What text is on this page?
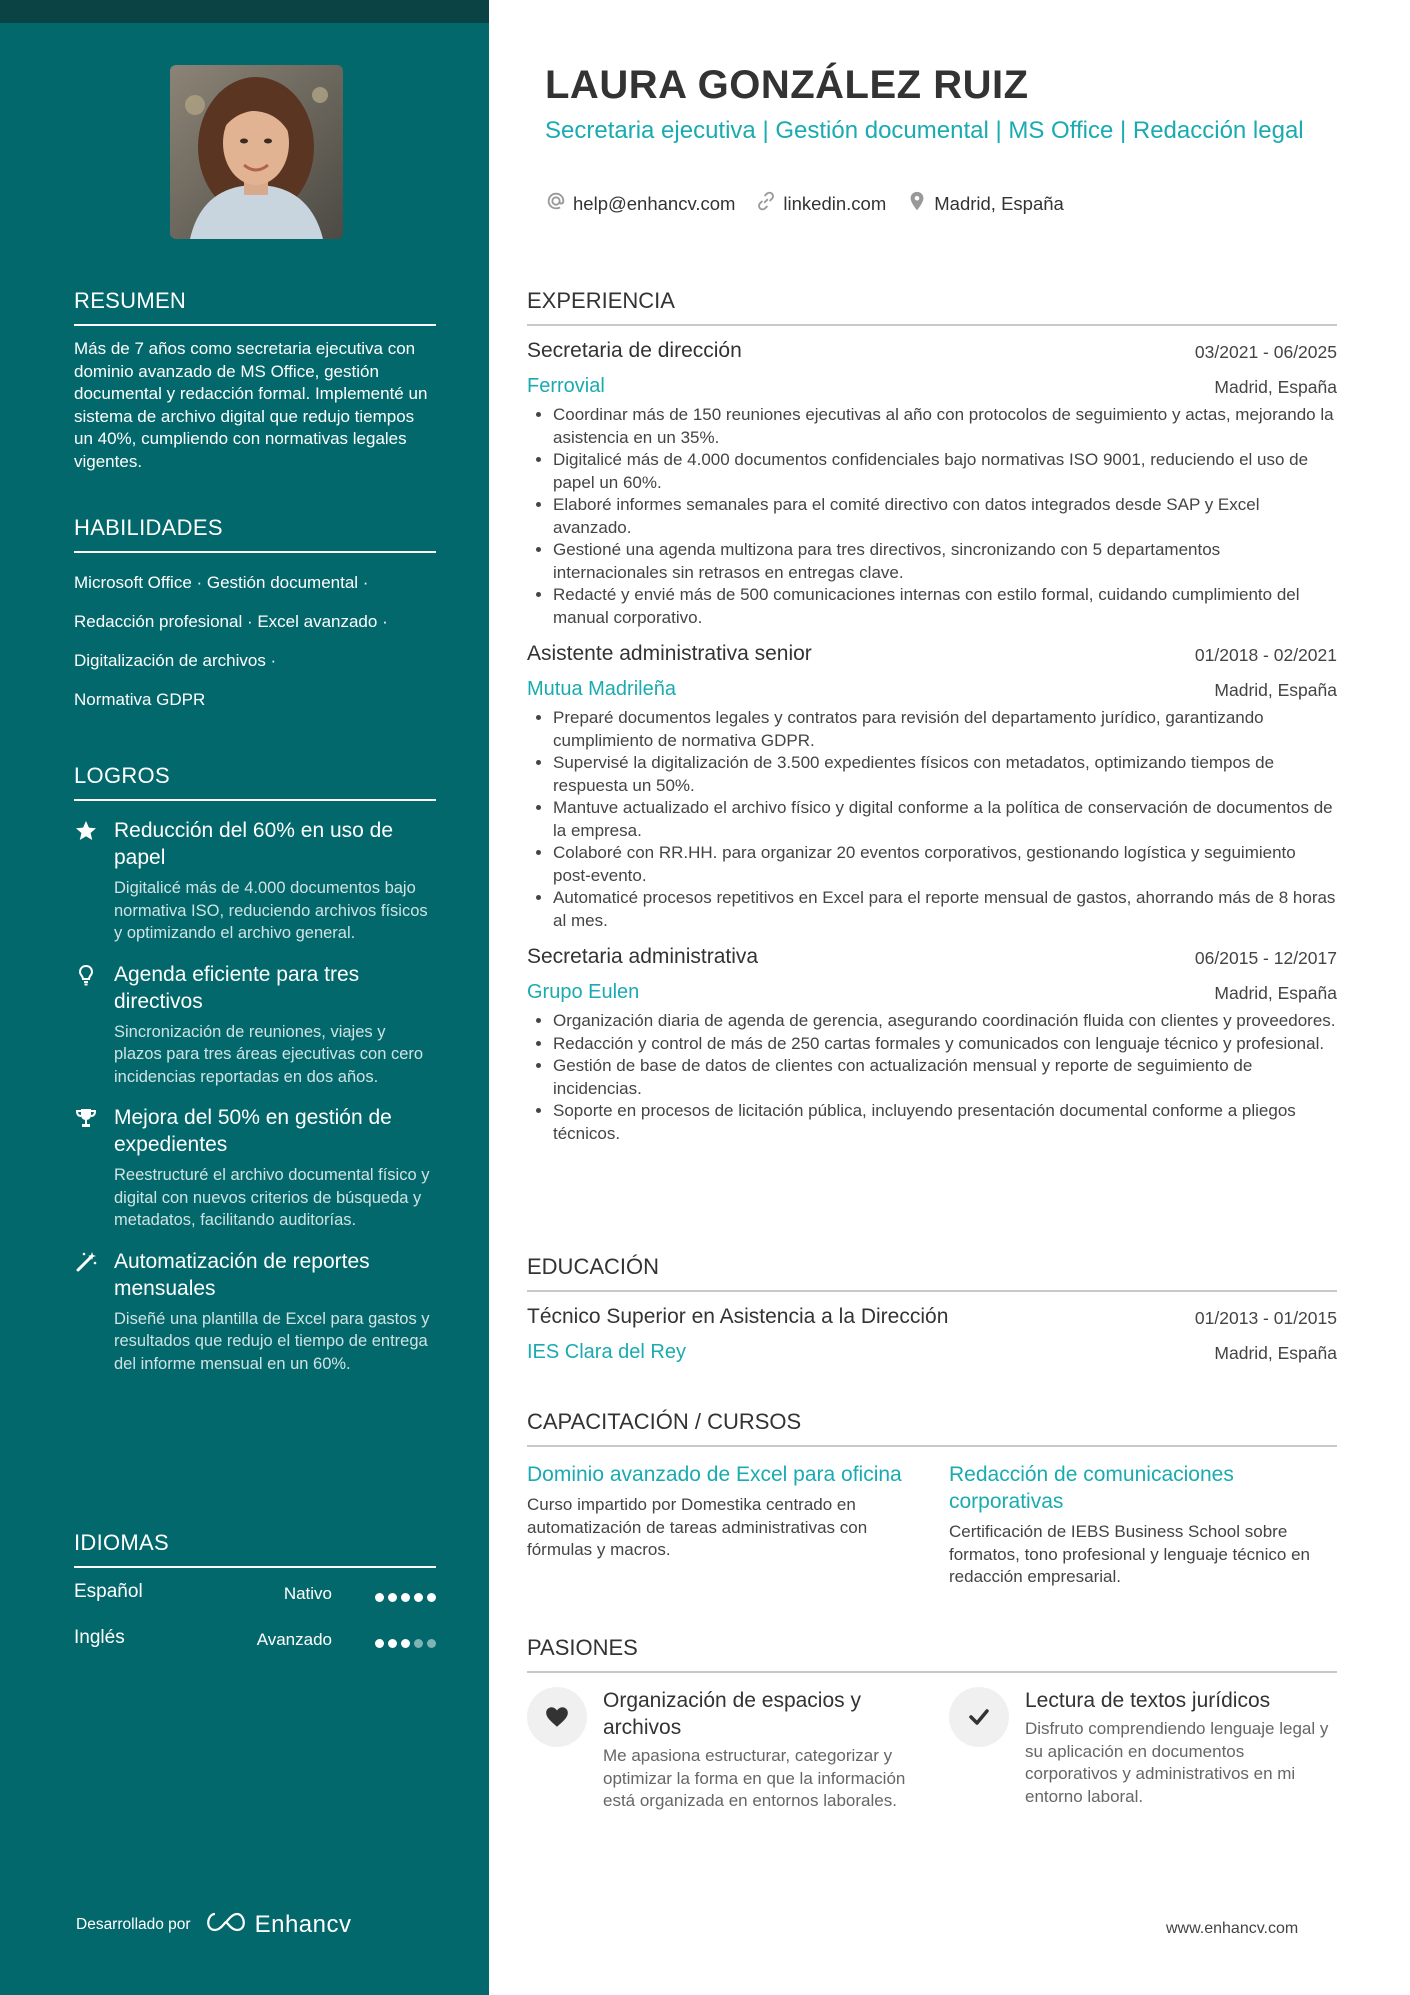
RESUMEN
Más de 7 años como secretaria ejecutiva con dominio avanzado de MS Office, gestión documental y redacción formal. Implementé un sistema de archivo digital que redujo tiempos un 40%, cumpliendo con normativas legales vigentes.
HABILIDADES
Microsoft Office · Gestión documental ·
Redacción profesional · Excel avanzado ·
Digitalización de archivos ·
Normativa GDPR
LOGROS
Reducción del 60% en uso de papel
Digitalicé más de 4.000 documentos bajo normativa ISO, reduciendo archivos físicos y optimizando el archivo general.
Agenda eficiente para tres directivos
Sincronización de reuniones, viajes y plazos para tres áreas ejecutivas con cero incidencias reportadas en dos años.
Mejora del 50% en gestión de expedientes
Reestructuré el archivo documental físico y digital con nuevos criterios de búsqueda y metadatos, facilitando auditorías.
Automatización de reportes mensuales
Diseñé una plantilla de Excel para gastos y resultados que redujo el tiempo de entrega del informe mensual en un 60%.
IDIOMAS
Español	Nativo
Inglés	Avanzado
Desarrollado por	Enhancv
LAURA GONZÁLEZ RUIZ
Secretaria ejecutiva | Gestión documental | MS Office | Redacción legal
help@enhancv.com	linkedin.com	Madrid, España
EXPERIENCIA
Secretaria de dirección	03/2021 - 06/2025
Ferrovial	Madrid, España
• Coordinar más de 150 reuniones ejecutivas al año con protocolos de seguimiento y actas, mejorando la asistencia en un 35%.
• Digitalicé más de 4.000 documentos confidenciales bajo normativas ISO 9001, reduciendo el uso de papel un 60%.
• Elaboré informes semanales para el comité directivo con datos integrados desde SAP y Excel avanzado.
• Gestioné una agenda multizona para tres directivos, sincronizando con 5 departamentos internacionales sin retrasos en entregas clave.
• Redacté y envié más de 500 comunicaciones internas con estilo formal, cuidando cumplimiento del manual corporativo.
Asistente administrativa senior	01/2018 - 02/2021
Mutua Madrileña	Madrid, España
• Preparé documentos legales y contratos para revisión del departamento jurídico, garantizando cumplimiento de normativa GDPR.
• Supervisé la digitalización de 3.500 expedientes físicos con metadatos, optimizando tiempos de respuesta un 50%.
• Mantuve actualizado el archivo físico y digital conforme a la política de conservación de documentos de la empresa.
• Colaboré con RR.HH. para organizar 20 eventos corporativos, gestionando logística y seguimiento post-evento.
• Automaticé procesos repetitivos en Excel para el reporte mensual de gastos, ahorrando más de 8 horas al mes.
Secretaria administrativa	06/2015 - 12/2017
Grupo Eulen	Madrid, España
• Organización diaria de agenda de gerencia, asegurando coordinación fluida con clientes y proveedores.
• Redacción y control de más de 250 cartas formales y comunicados con lenguaje técnico y profesional.
• Gestión de base de datos de clientes con actualización mensual y reporte de seguimiento de incidencias.
• Soporte en procesos de licitación pública, incluyendo presentación documental conforme a pliegos técnicos.
EDUCACIÓN
Técnico Superior en Asistencia a la Dirección	01/2013 - 01/2015
IES Clara del Rey	Madrid, España
CAPACITACIÓN / CURSOS
Dominio avanzado de Excel para oficina
Curso impartido por Domestika centrado en automatización de tareas administrativas con fórmulas y macros.
Redacción de comunicaciones corporativas
Certificación de IEBS Business School sobre formatos, tono profesional y lenguaje técnico en redacción empresarial.
PASIONES
Organización de espacios y archivos
Me apasiona estructurar, categorizar y optimizar la forma en que la información está organizada en entornos laborales.
Lectura de textos jurídicos
Disfruto comprendiendo lenguaje legal y su aplicación en documentos corporativos y administrativos en mi entorno laboral.
www.enhancv.com
